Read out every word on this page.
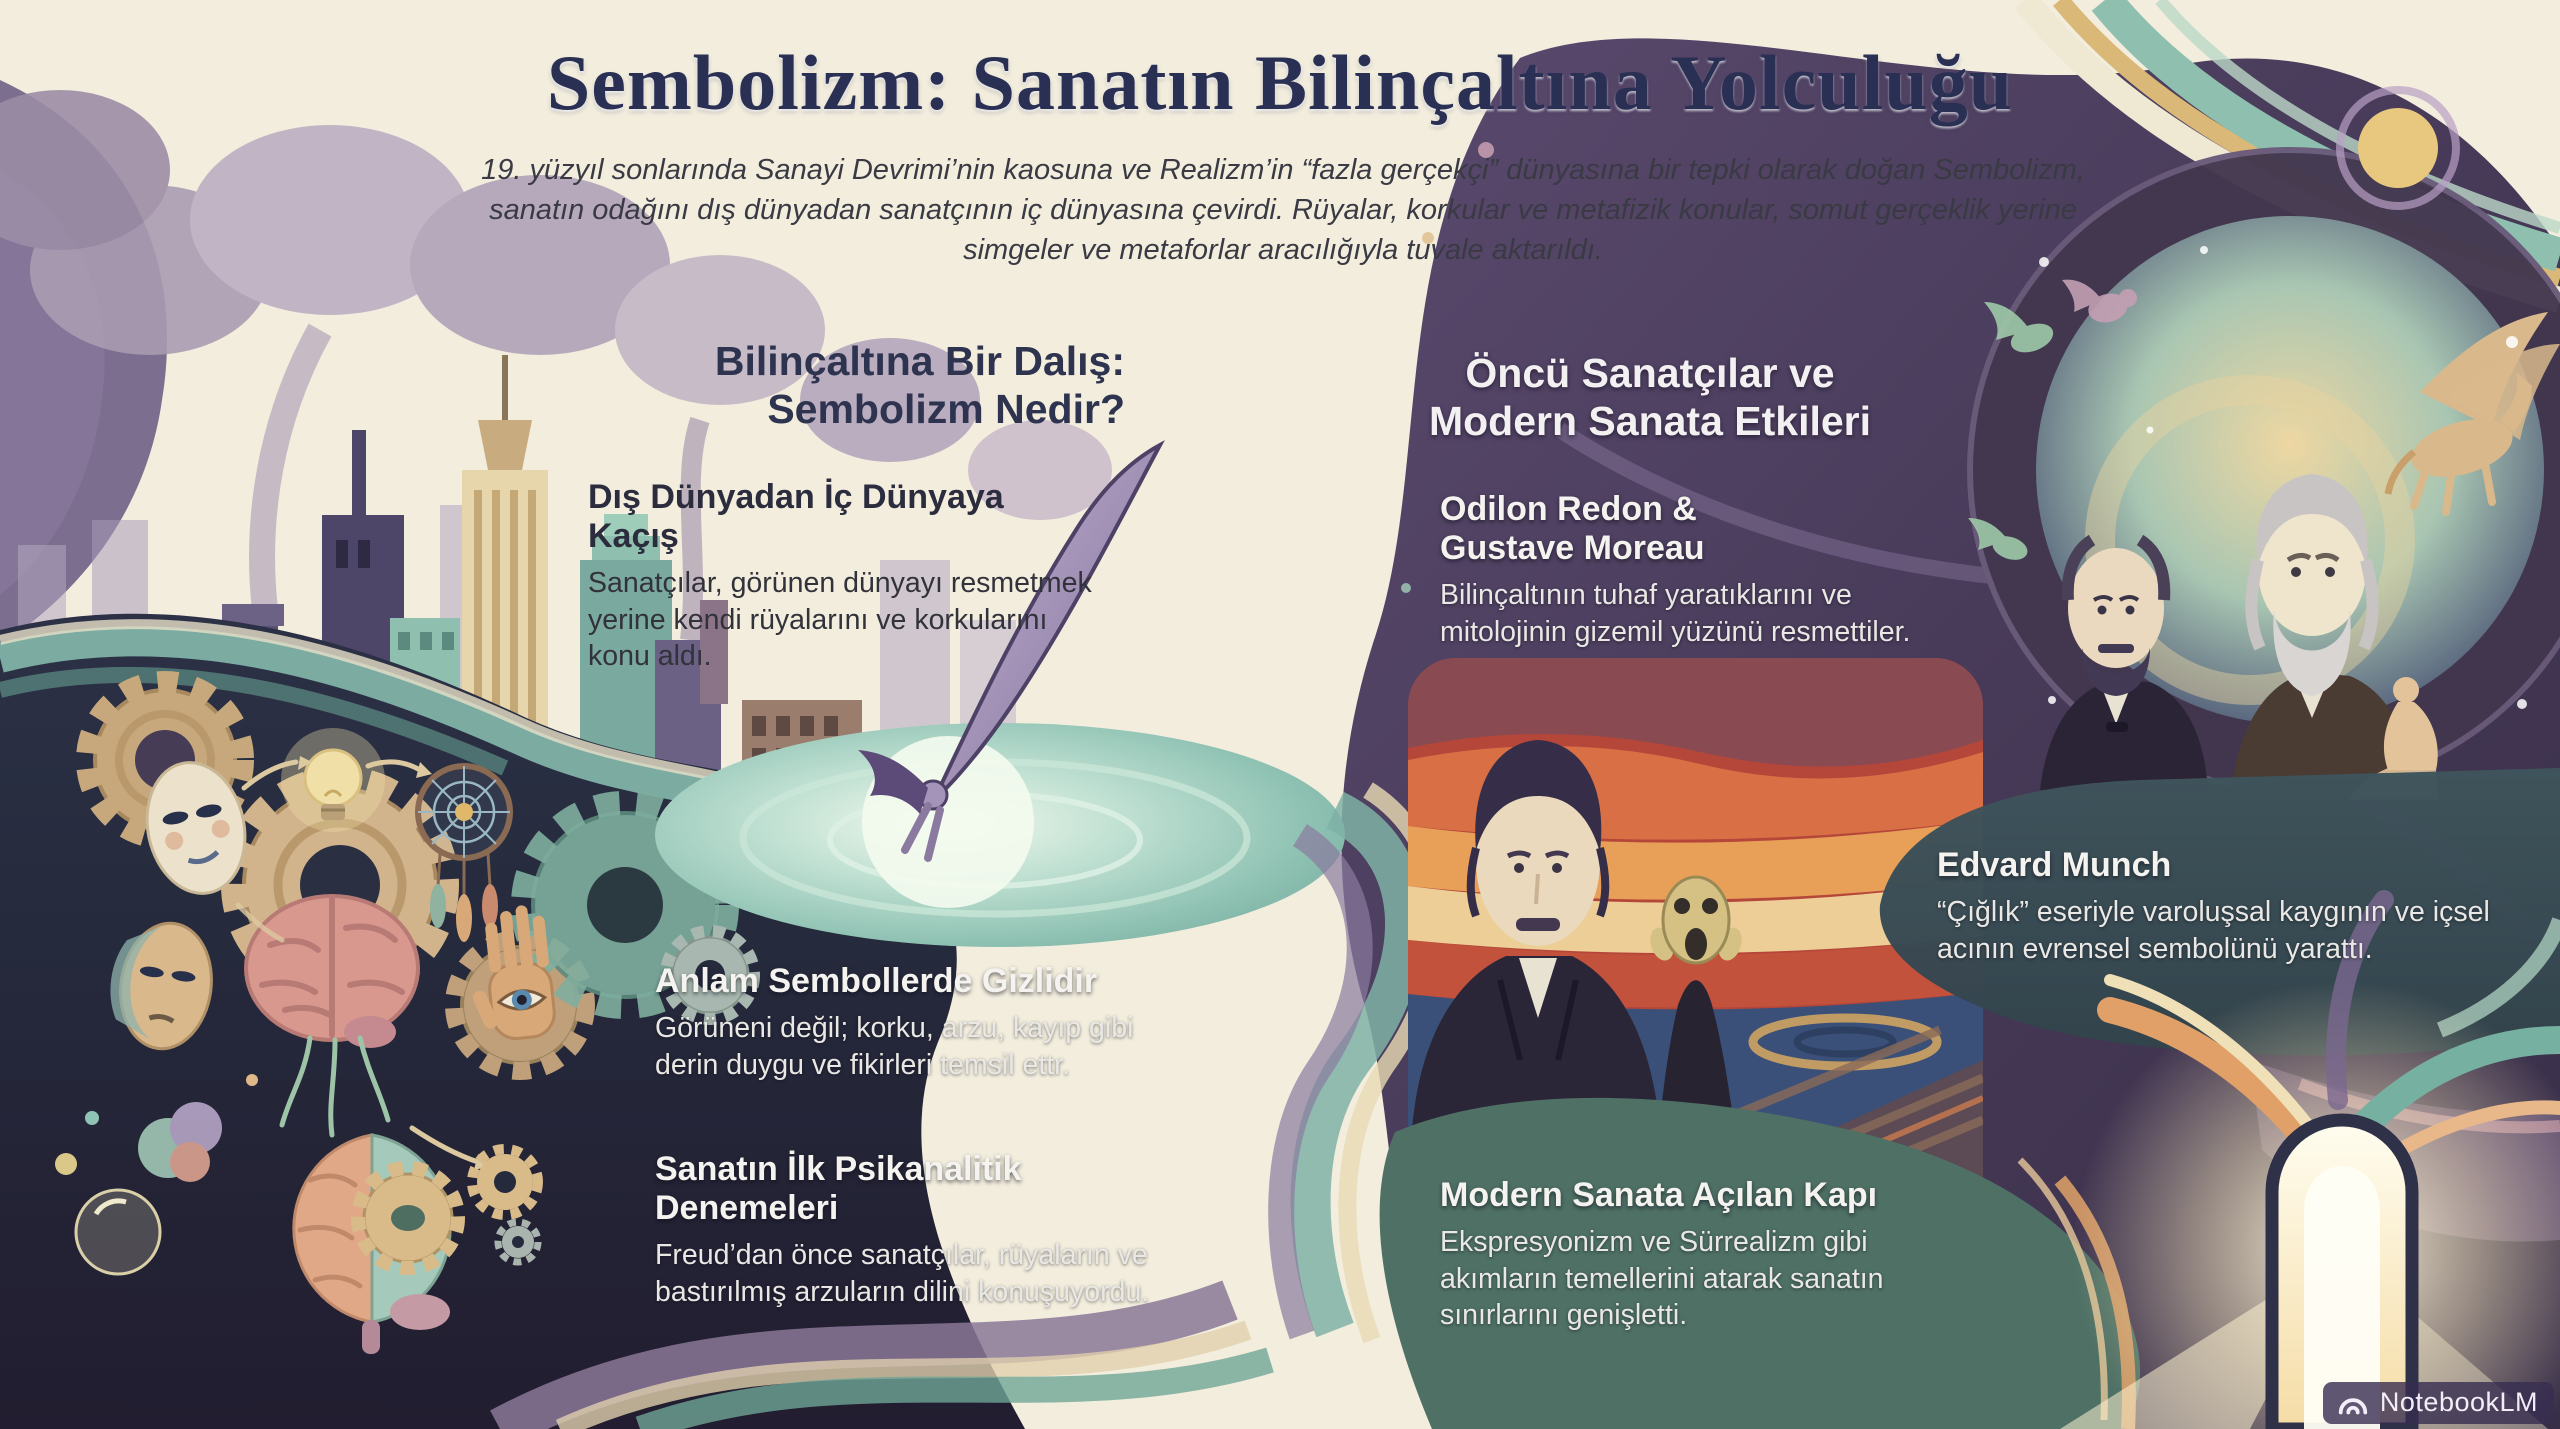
Sembolizm: Sanatın Bilinçaltına Yolculuğu

19. yüzyıl sonlarında Sanayi Devrimi’nin kaosuna ve Realizm’in “fazla gerçekçi” dünyasına bir tepki olarak doğan Sembolizm, sanatın odağını dış dünyadan sanatçının iç dünyasına çevirdi. Rüyalar, korkular ve metafizik konular, somut gerçeklik yerine simgeler ve metaforlar aracılığıyla tuvale aktarıldı.

Bilinçaltına Bir Dalış:
Sembolizm Nedir?
Dış Dünyadan İç Dünyaya Kaçış

Sanatçılar, görünen dünyayı resmetmek yerine kendi rüyalarını ve korkularını konu aldı.

Anlam Sembollerde Gizlidir

Görüneni değil; korku, arzu, kayıp gibi derin duygu ve fikirleri temsil ettr.

Sanatın İlk Psikanalitik Denemeleri

Freud’dan önce sanatçılar, rüyaların ve bastırılmış arzuların dilini konuşuyordu.

Öncü Sanatçılar ve
Modern Sanata Etkileri
Odilon Redon & Gustave Moreau

Bilinçaltının tuhaf yaratıklarını ve mitolojinin gizemil yüzünü resmettiler.

Edvard Munch

“Çığlık” eseriyle varoluşsal kaygının ve içsel acının evrensel sembolünü yarattı.

Modern Sanata Açılan Kapı

Ekspresyonizm ve Sürrealizm gibi akımların temellerini atarak sanatın sınırlarını genişletti.

NotebookLM
